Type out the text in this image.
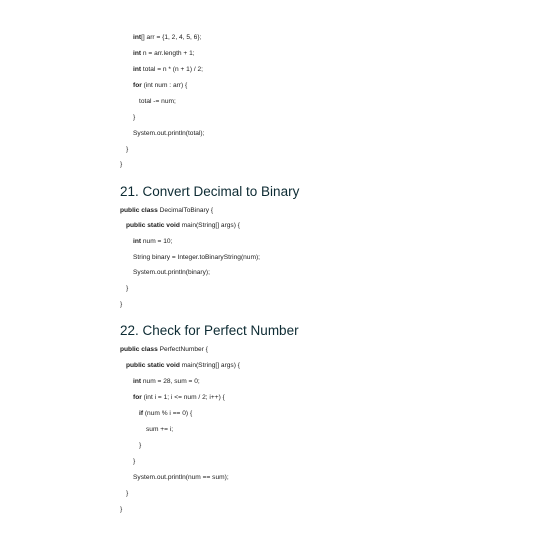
int[] arr = {1, 2, 4, 5, 6};
int n = arr.length + 1;
int total = n * (n + 1) / 2;
for (int num : arr) {
total -= num;
}
System.out.println(total);
}
}
21. Convert Decimal to Binary
public class DecimalToBinary {
public static void main(String[] args) {
int num = 10;
String binary = Integer.toBinaryString(num);
System.out.println(binary);
}
}
22. Check for Perfect Number
public class PerfectNumber {
public static void main(String[] args) {
int num = 28, sum = 0;
for (int i = 1; i <= num / 2; i++) {
if (num % i == 0) {
sum += i;
}
}
System.out.println(num == sum);
}
}
